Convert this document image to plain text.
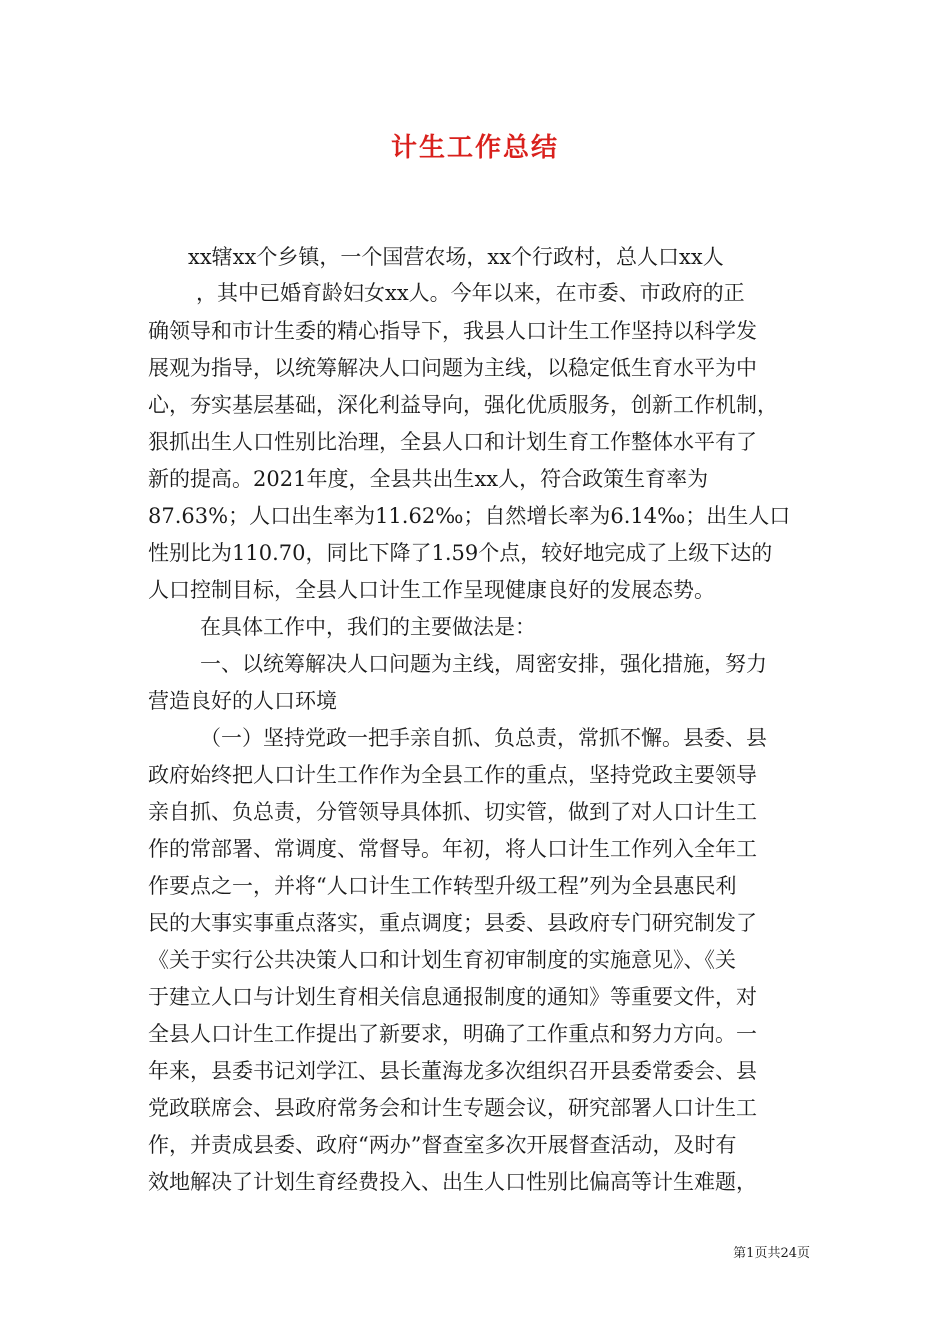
计生工作总结
xx辖xx个乡镇，一个国营农场，xx个行政村，总人口xx人
，其中已婚育龄妇女xx人。今年以来，在市委、市政府的正
确领导和市计生委的精心指导下，我县人口计生工作坚持以科学发
展观为指导，以统筹解决人口问题为主线，以稳定低生育水平为中
心，夯实基层基础，深化利益导向，强化优质服务，创新工作机制，
狠抓出生人口性别比治理，全县人口和计划生育工作整体水平有了
新的提高。2021年度，全县共出生xx人，符合政策生育率为
87.63%；人口出生率为11.62‰；自然增长率为6.14‰；出生人口
性别比为110.70，同比下降了1.59个点，较好地完成了上级下达的
人口控制目标，全县人口计生工作呈现健康良好的发展态势。
在具体工作中，我们的主要做法是：
一、以统筹解决人口问题为主线，周密安排，强化措施，努力
营造良好的人口环境
（一）坚持党政一把手亲自抓、负总责，常抓不懈。县委、县
政府始终把人口计生工作作为全县工作的重点，坚持党政主要领导
亲自抓、负总责，分管领导具体抓、切实管，做到了对人口计生工
作的常部署、常调度、常督导。年初，将人口计生工作列入全年工
作要点之一，并将“人口计生工作转型升级工程”列为全县惠民利
民的大事实事重点落实，重点调度；县委、县政府专门研究制发了
《关于实行公共决策人口和计划生育初审制度的实施意见》、《关
于建立人口与计划生育相关信息通报制度的通知》等重要文件，对
全县人口计生工作提出了新要求，明确了工作重点和努力方向。一
年来，县委书记刘学江、县长董海龙多次组织召开县委常委会、县
党政联席会、县政府常务会和计生专题会议，研究部署人口计生工
作，并责成县委、政府“两办”督查室多次开展督查活动，及时有
效地解决了计划生育经费投入、出生人口性别比偏高等计生难题，
第1页共24页
